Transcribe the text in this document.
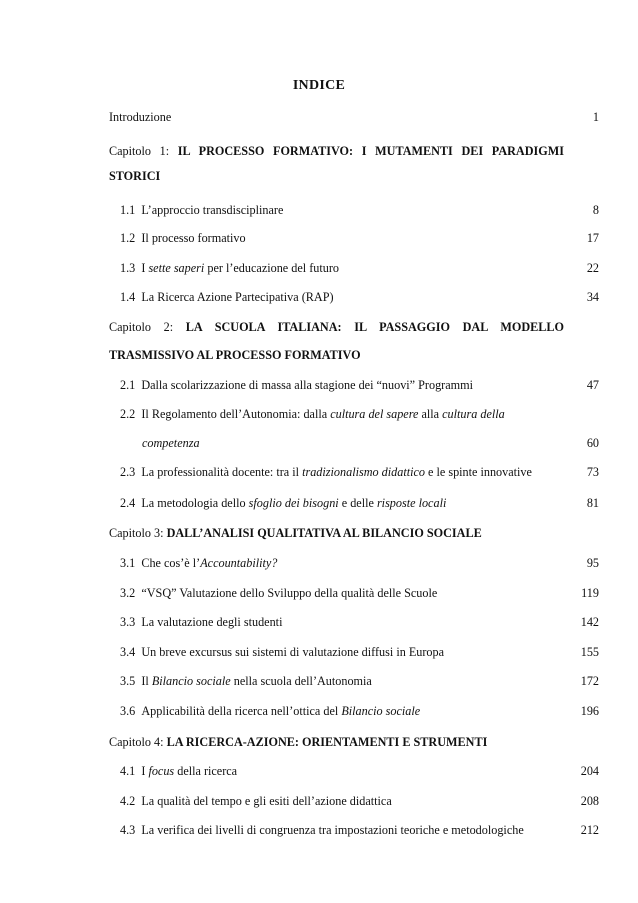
INDICE
Introduzione	1
Capitolo 1: IL PROCESSO FORMATIVO: I MUTAMENTI DEI PARADIGMI
STORICI
1.1 L’approccio transdisciplinare	8
1.2 Il processo formativo	17
1.3 I sette saperi per l’educazione del futuro	22
1.4 La Ricerca Azione Partecipativa (RAP)	34
Capitolo 2: LA SCUOLA ITALIANA: IL PASSAGGIO DAL MODELLO
TRASMISSIVO AL PROCESSO FORMATIVO
2.1 Dalla scolarizzazione di massa alla stagione dei “nuovi” Programmi	47
2.2 Il Regolamento dell’Autonomia: dalla cultura del sapere alla cultura della
competenza	60
2.3 La professionalità docente: tra il tradizionalismo didattico e le spinte innovative	73
2.4 La metodologia dello sfoglio dei bisogni e delle risposte locali	81
Capitolo 3: DALL’ANALISI QUALITATIVA AL BILANCIO SOCIALE
3.1 Che cos’è l’Accountability?	95
3.2 “VSQ” Valutazione dello Sviluppo della qualità delle Scuole	119
3.3 La valutazione degli studenti	142
3.4 Un breve excursus sui sistemi di valutazione diffusi in Europa	155
3.5 Il Bilancio sociale nella scuola dell’Autonomia	172
3.6 Applicabilità della ricerca nell’ottica del Bilancio sociale	196
Capitolo 4: LA RICERCA-AZIONE: ORIENTAMENTI E STRUMENTI
4.1 I focus della ricerca	204
4.2 La qualità del tempo e gli esiti dell’azione didattica	208
4.3 La verifica dei livelli di congruenza tra impostazioni teoriche e metodologiche	212
